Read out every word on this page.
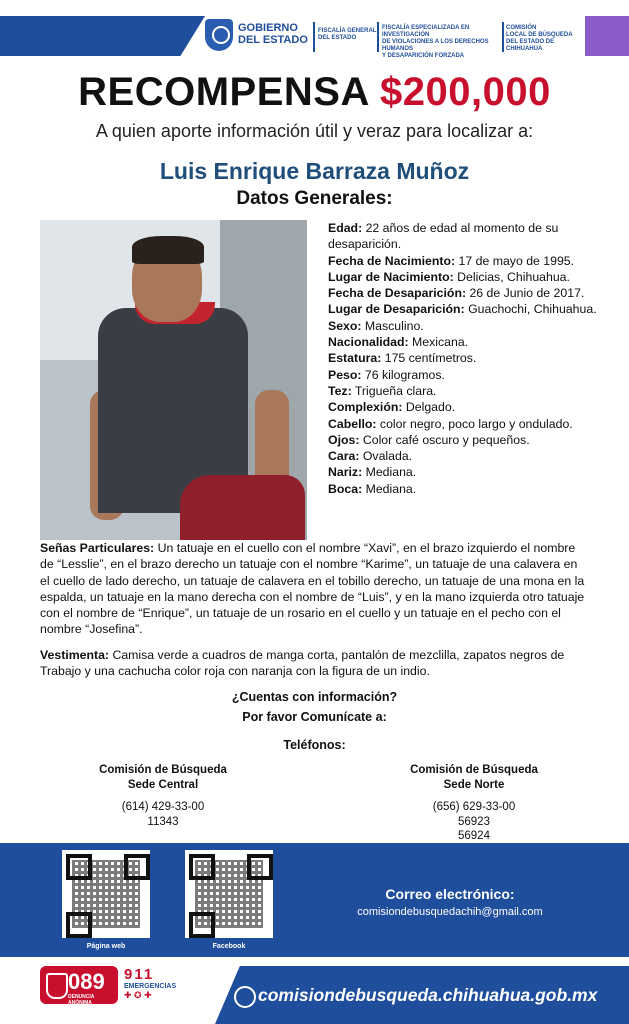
GOBIERNO
DEL ESTADO
FISCALÍA GENERAL
DEL ESTADO
FISCALÍA ESPECIALIZADA EN INVESTIGACIÓN
DE VIOLACIONES A LOS DERECHOS HUMANOS
Y DESAPARICIÓN FORZADA
COMISIÓN
LOCAL DE BÚSQUEDA
DEL ESTADO DE CHIHUAHUA
RECOMPENSA $200,000
A quien aporte información útil y veraz para localizar a:
Luis Enrique Barraza Muñoz
Datos Generales:

Edad: 22 años de edad al momento de su desaparición.

Fecha de Nacimiento: 17 de mayo de 1995.

Lugar de Nacimiento: Delicias, Chihuahua.

Fecha de Desaparición: 26 de Junio de 2017.

Lugar de Desaparición: Guachochi, Chihuahua.

Sexo: Masculino.

Nacionalidad: Mexicana.

Estatura: 175 centímetros.

Peso: 76 kilogramos.

Tez: Trigueña clara.

Complexión: Delgado.

Cabello: color negro, poco largo y ondulado.

Ojos: Color café oscuro y pequeños.

Cara: Ovalada.

Nariz: Mediana.

Boca: Mediana.

Señas Particulares: Un tatuaje en el cuello con el nombre “Xavi”, en el brazo izquierdo el nombre de “Lesslie”, en el brazo derecho un tatuaje con el nombre “Karime”, un tatuaje de una calavera en el cuello de lado derecho, un tatuaje de calavera en el tobillo derecho, un tatuaje de una mona en la espalda, un tatuaje en la mano derecha con el nombre de “Luis”, y en la mano izquierda otro tatuaje con el nombre de “Enrique”, un tatuaje de un rosario en el cuello y un tatuaje en el pecho con el nombre “Josefina”.
Vestimenta: Camisa verde a cuadros de manga corta, pantalón de mezclilla, zapatos negros de Trabajo y una cachucha color roja con naranja con la figura de un indio.
¿Cuentas con información?
Por favor Comunícate a:
Teléfonos:
Comisión de Búsqueda
Sede Central
(614) 429-33-00
11343
Comisión de Búsqueda
Sede Norte
(656) 629-33-00
56923
56924
Página web	Facebook
Correo electrónico:
comisiondebusquedachih@gmail.com
089
DENUNCIA ANÓNIMA
911
EMERGENCIAS
✚ ✪ ✚	comisiondebusqueda.chihuahua.gob.mx
